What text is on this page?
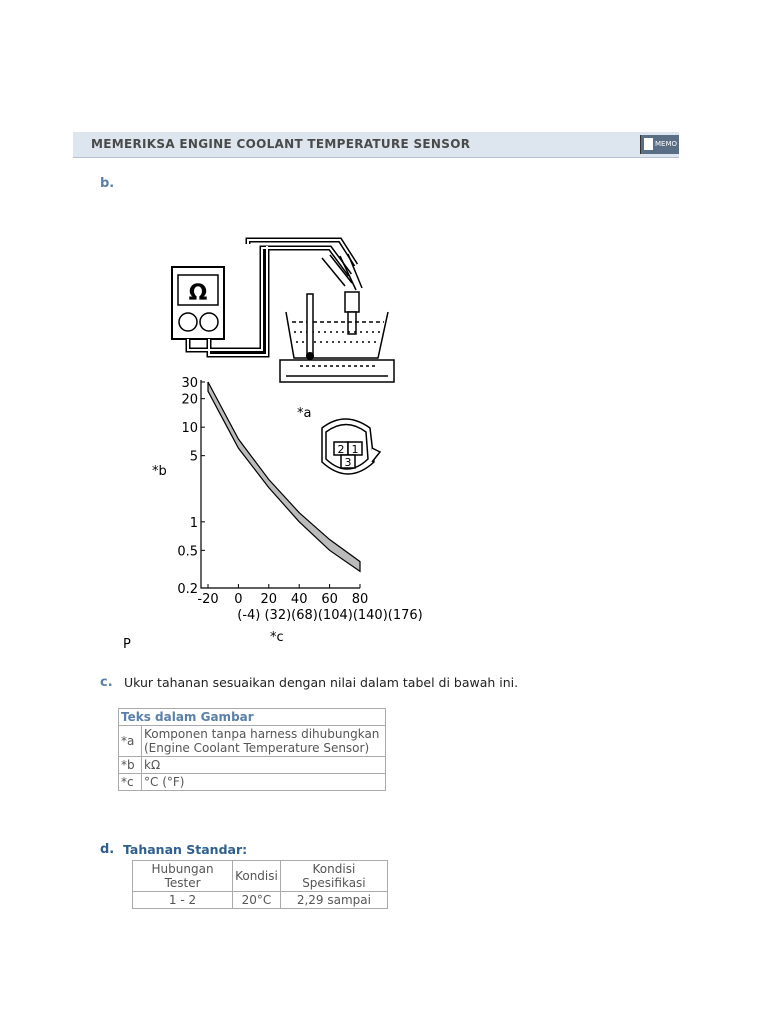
MEMERIKSA ENGINE COOLANT TEMPERATURE SENSOR	MEMO
b.
Ω
30
20
10
5
1
0.5
0.2
-20 0 20 40 60 80
(-4) (32)(68)(104)(140)(176)
*a
*b
*c
P
2 1
3
c. Ukur tahanan sesuaikan dengan nilai dalam tabel di bawah ini.
Teks dalam Gambar	
*a	Komponen tanpa harness dihubungkan (Engine Coolant Temperature Sensor)
*b	kΩ
*c	°C (°F)
d. Tahanan Standar:
Hubungan Tester	Kondisi	Kondisi Spesifikasi
1 - 2	20°C	2,29 sampai
